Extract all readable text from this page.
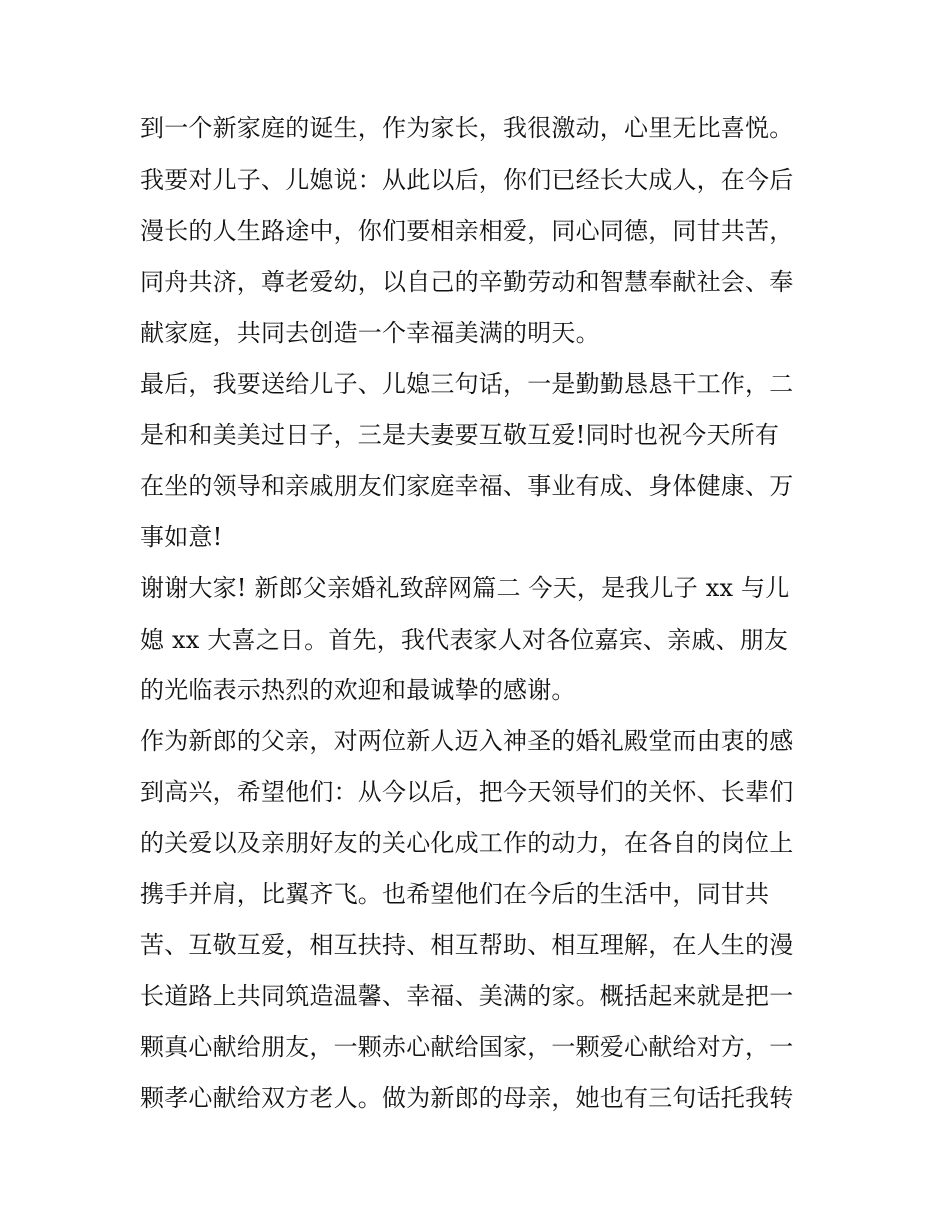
到一个新家庭的诞生，作为家长，我很激动，心里无比喜悦。
我要对儿子、儿媳说：从此以后，你们已经长大成人，在今后
漫长的人生路途中，你们要相亲相爱，同心同德，同甘共苦，
同舟共济，尊老爱幼，以自己的辛勤劳动和智慧奉献社会、奉
献家庭，共同去创造一个幸福美满的明天。
最后，我要送给儿子、儿媳三句话，一是勤勤恳恳干工作，二
是和和美美过日子，三是夫妻要互敬互爱!同时也祝今天所有
在坐的领导和亲戚朋友们家庭幸福、事业有成、身体健康、万
事如意!
谢谢大家! 新郎父亲婚礼致辞网篇二 今天，是我儿子 xx 与儿
媳 xx 大喜之日。首先，我代表家人对各位嘉宾、亲戚、朋友
的光临表示热烈的欢迎和最诚挚的感谢。
作为新郎的父亲，对两位新人迈入神圣的婚礼殿堂而由衷的感
到高兴，希望他们：从今以后，把今天领导们的关怀、长辈们
的关爱以及亲朋好友的关心化成工作的动力，在各自的岗位上
携手并肩，比翼齐飞。也希望他们在今后的生活中，同甘共
苦、互敬互爱，相互扶持、相互帮助、相互理解，在人生的漫
长道路上共同筑造温馨、幸福、美满的家。概括起来就是把一
颗真心献给朋友，一颗赤心献给国家，一颗爱心献给对方，一
颗孝心献给双方老人。做为新郎的母亲，她也有三句话托我转
